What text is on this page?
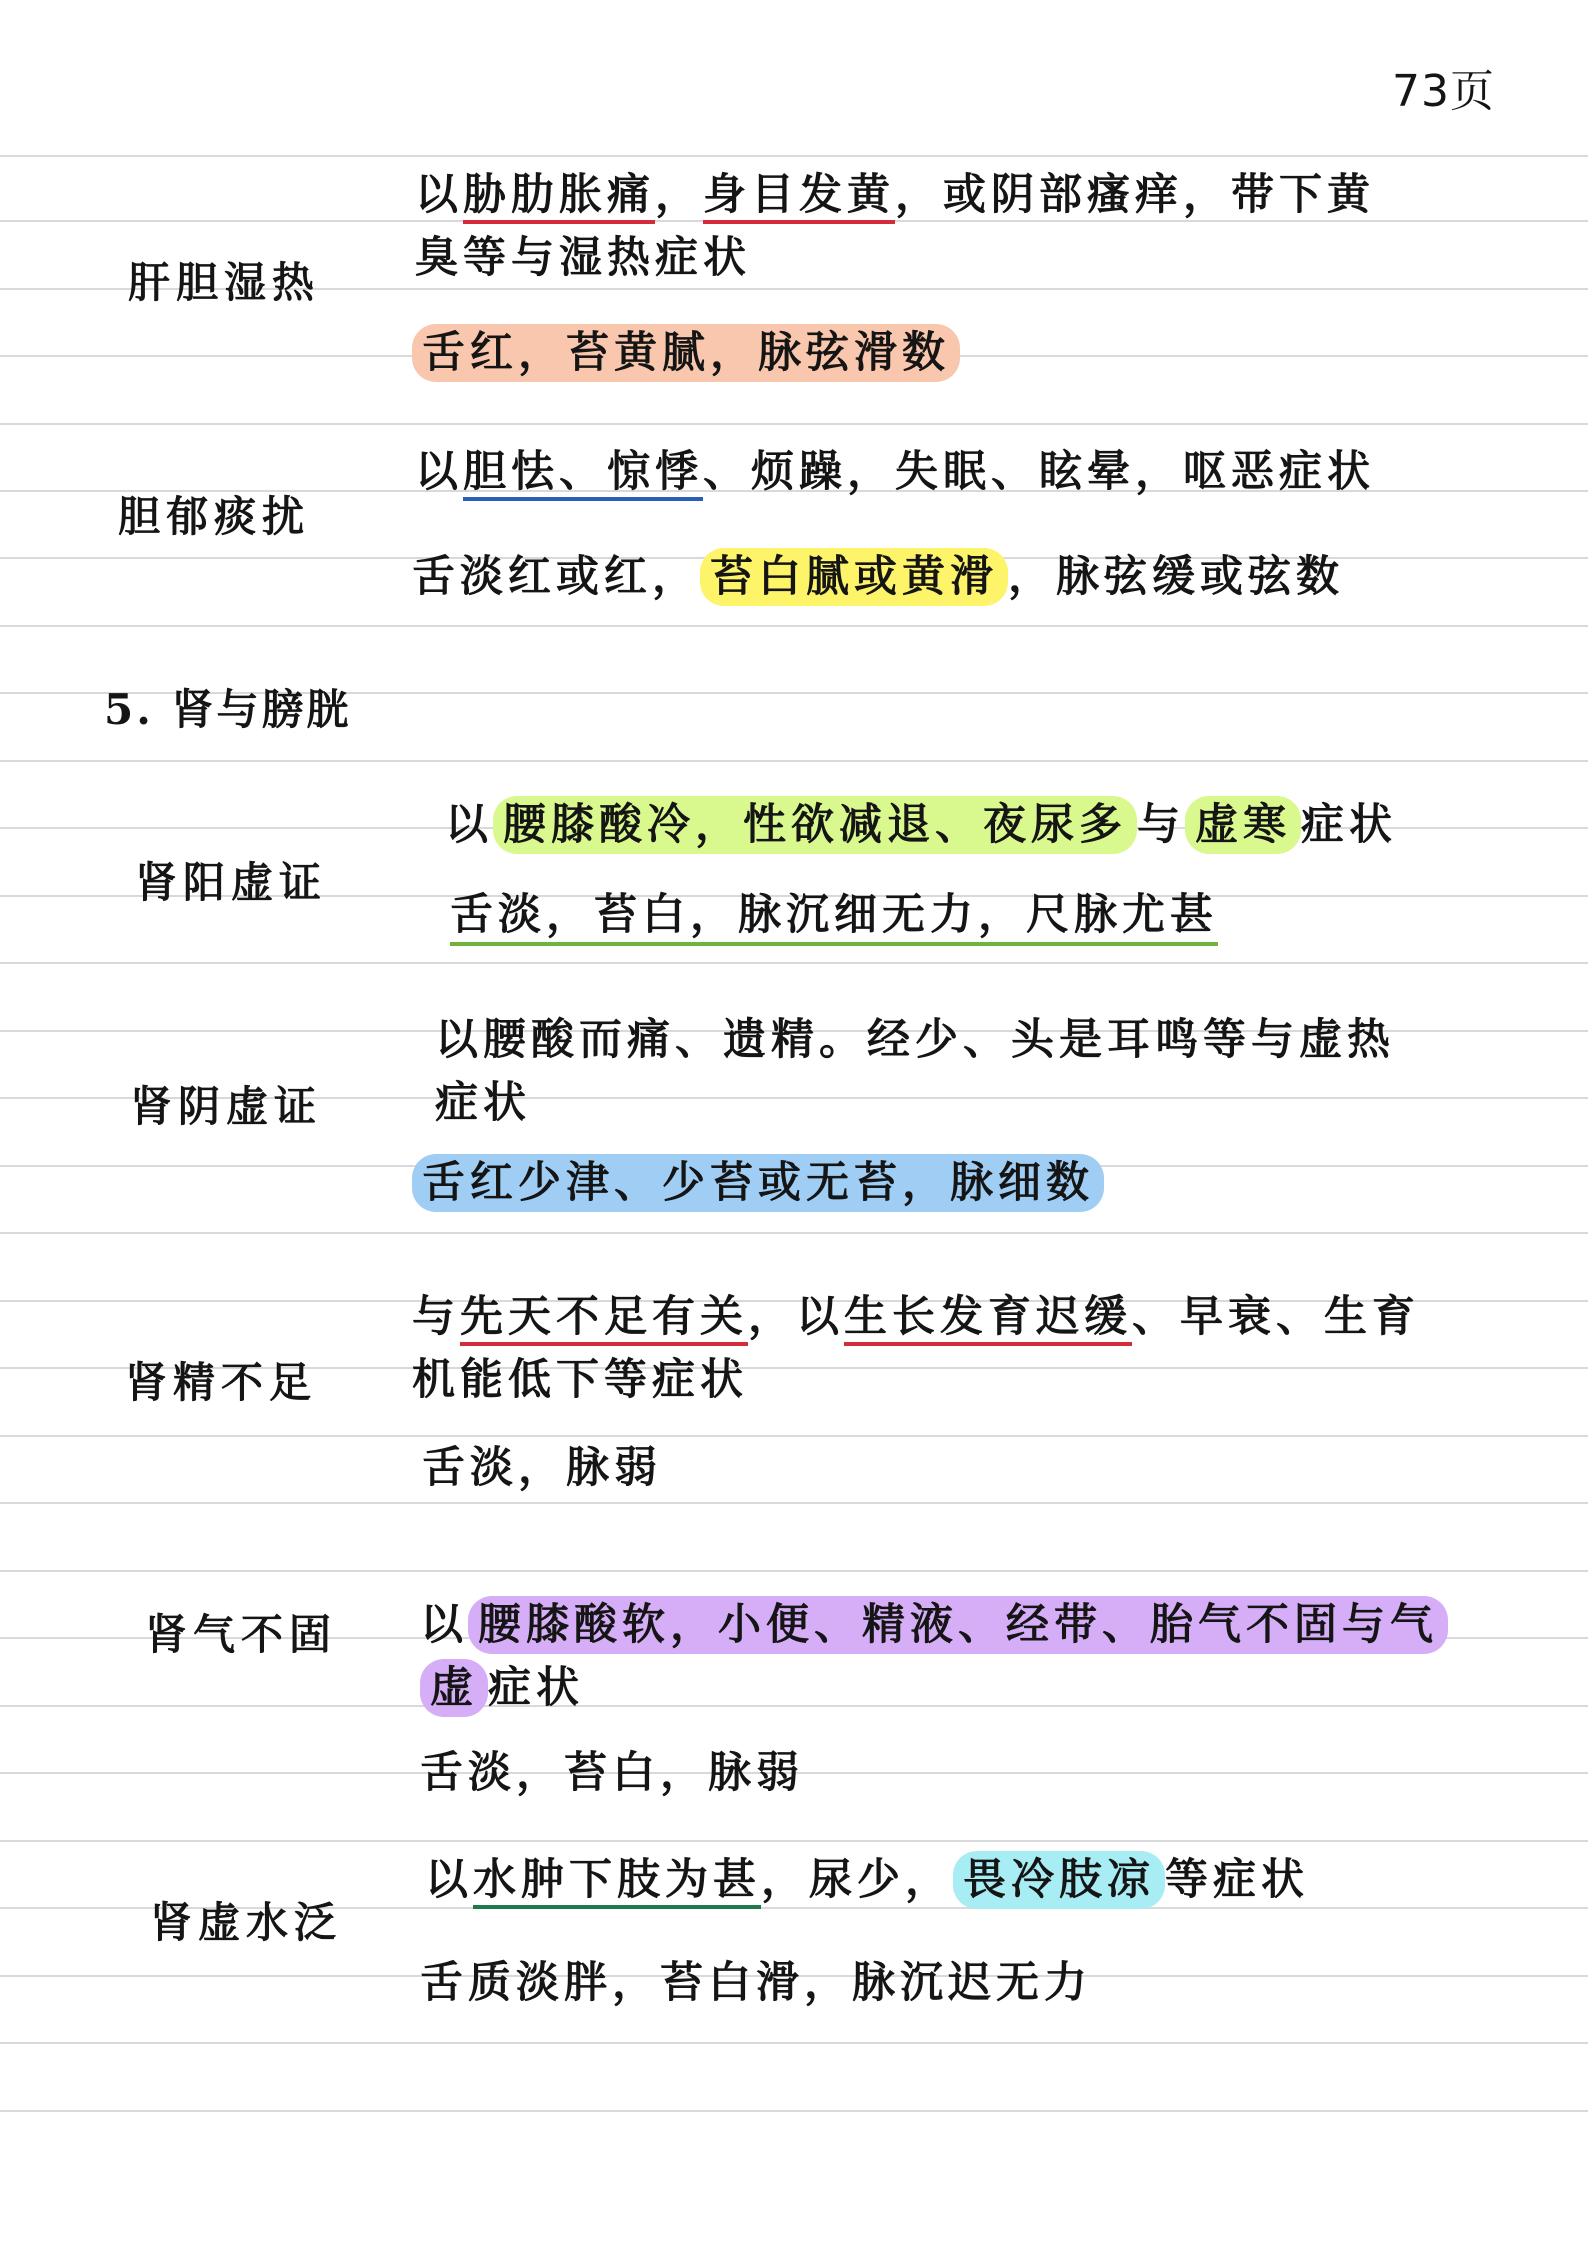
73页
肝胆湿热
以胁肋胀痛，身目发黄，或阴部瘙痒，带下黄
臭等与湿热症状
舌红，苔黄腻，脉弦滑数
胆郁痰扰
以胆怯、惊悸、烦躁，失眠、眩晕，呕恶症状
舌淡红或红， 苔白腻或黄滑 ，脉弦缓或弦数
5. 肾与膀胱
肾阳虚证
以 腰膝酸冷，性欲减退、夜尿多 与 虚寒 症状
舌淡，苔白，脉沉细无力，尺脉尤甚
肾阴虚证
以腰酸而痛、遗精。经少、头是耳鸣等与虚热
症状
舌红少津、少苔或无苔，脉细数
肾精不足
与先天不足有关，以生长发育迟缓、早衰、生育
机能低下等症状
舌淡，脉弱
肾气不固 以 腰膝酸软，小便、精液、经带、胎气不固与气
虚 症状
舌淡，苔白，脉弱
肾虚水泛
以水肿下肢为甚，尿少， 畏冷肢凉 等症状
舌质淡胖，苔白滑，脉沉迟无力
